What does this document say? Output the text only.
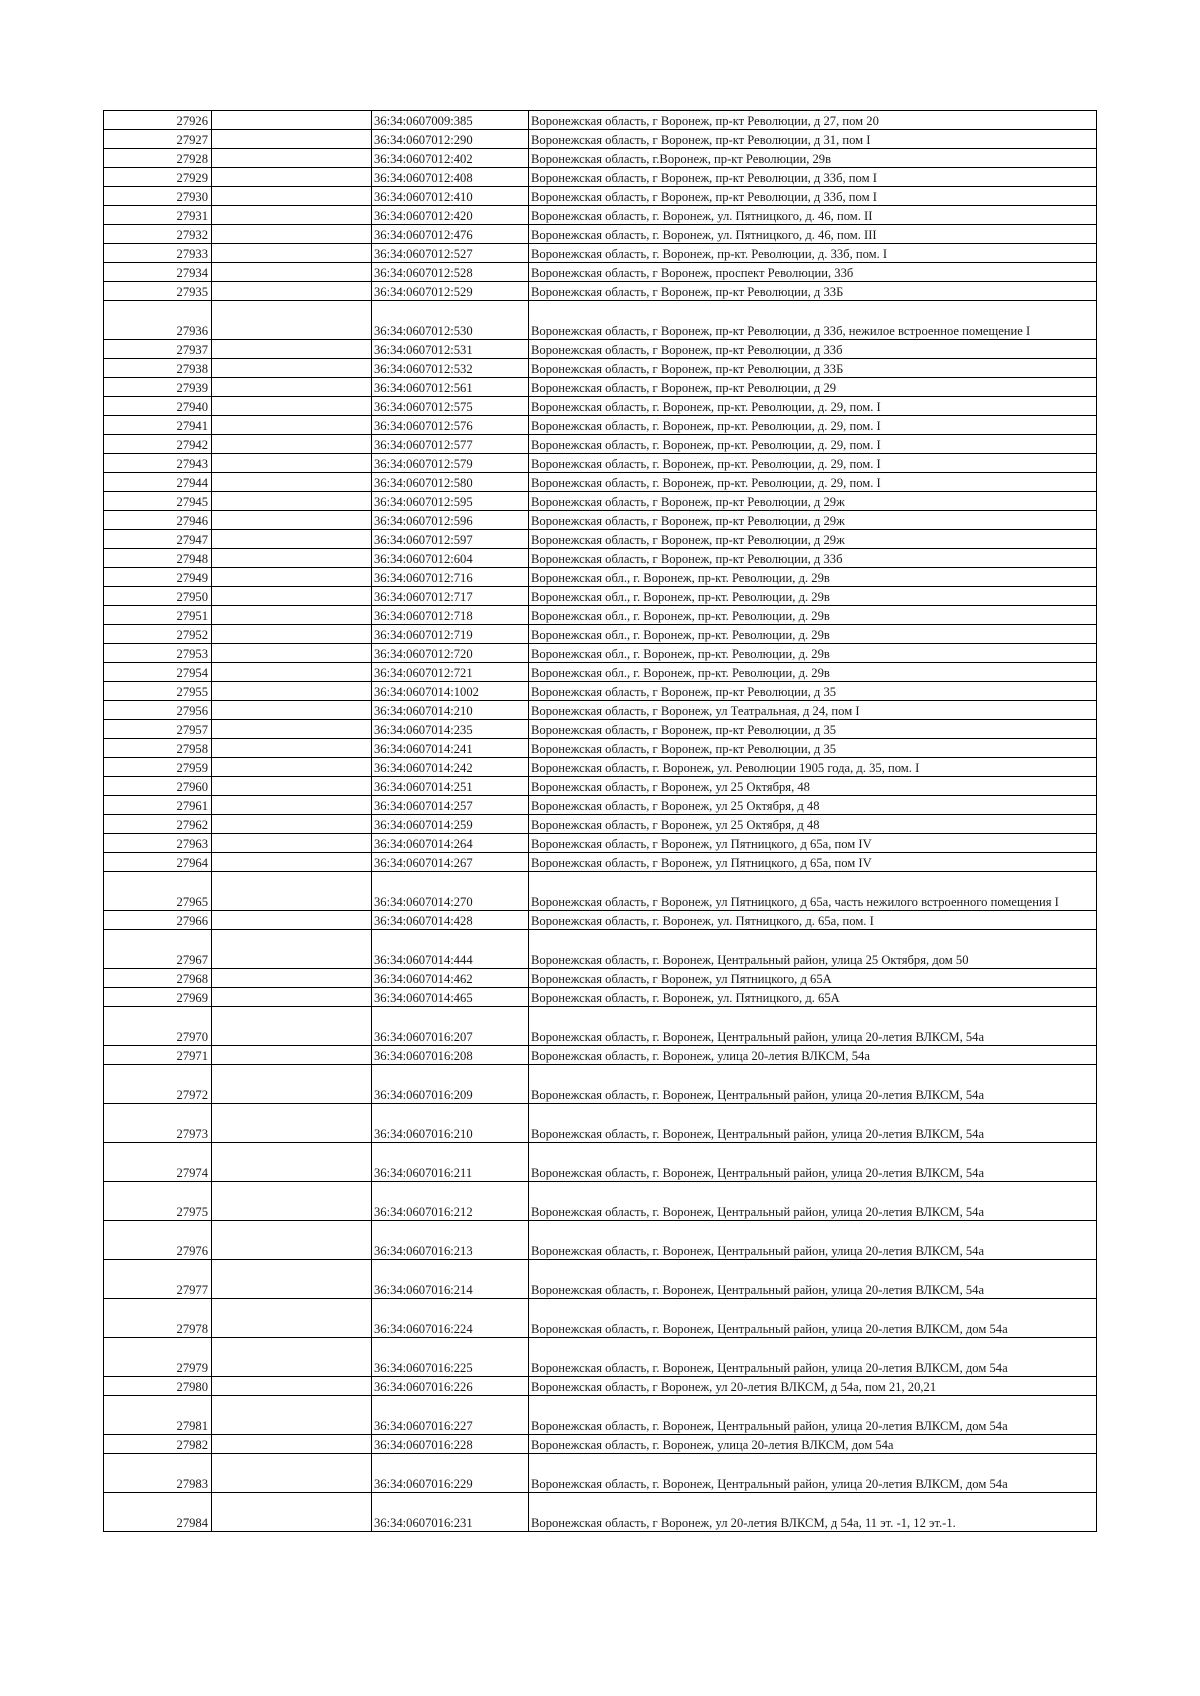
27926		36:34:0607009:385	Воронежская область, г Воронеж, пр-кт Революции, д 27, пом 20
27927		36:34:0607012:290	Воронежская область, г Воронеж, пр-кт Революции, д 31, пом I
27928		36:34:0607012:402	Воронежская область, г.Воронеж, пр-кт Революции, 29в
27929		36:34:0607012:408	Воронежская область, г Воронеж, пр-кт Революции, д 33б, пом I
27930		36:34:0607012:410	Воронежская область, г Воронеж, пр-кт Революции, д 33б, пом I
27931		36:34:0607012:420	Воронежская область, г. Воронеж, ул. Пятницкого, д. 46, пом. II
27932		36:34:0607012:476	Воронежская область, г. Воронеж, ул. Пятницкого, д. 46, пом. III
27933		36:34:0607012:527	Воронежская область, г. Воронеж, пр-кт. Революции, д. 33б, пом. I
27934		36:34:0607012:528	Воронежская область, г Воронеж, проспект Революции, 33б
27935		36:34:0607012:529	Воронежская область, г Воронеж, пр-кт Революции, д 33Б
27936		36:34:0607012:530	Воронежская область, г Воронеж, пр-кт Революции, д 33б, нежилое встроенное помещение I
27937		36:34:0607012:531	Воронежская область, г Воронеж, пр-кт Революции, д 33б
27938		36:34:0607012:532	Воронежская область, г Воронеж, пр-кт Революции, д 33Б
27939		36:34:0607012:561	Воронежская область, г Воронеж, пр-кт Революции, д 29
27940		36:34:0607012:575	Воронежская область, г. Воронеж, пр-кт. Революции, д. 29, пом. I
27941		36:34:0607012:576	Воронежская область, г. Воронеж, пр-кт. Революции, д. 29, пом. I
27942		36:34:0607012:577	Воронежская область, г. Воронеж, пр-кт. Революции, д. 29, пом. I
27943		36:34:0607012:579	Воронежская область, г. Воронеж, пр-кт. Революции, д. 29, пом. I
27944		36:34:0607012:580	Воронежская область, г. Воронеж, пр-кт. Революции, д. 29, пом. I
27945		36:34:0607012:595	Воронежская область, г Воронеж, пр-кт Революции, д 29ж
27946		36:34:0607012:596	Воронежская область, г Воронеж, пр-кт Революции, д 29ж
27947		36:34:0607012:597	Воронежская область, г Воронеж, пр-кт Революции, д 29ж
27948		36:34:0607012:604	Воронежская область, г Воронеж, пр-кт Революции, д 33б
27949		36:34:0607012:716	Воронежская обл., г. Воронеж, пр-кт. Революции, д. 29в
27950		36:34:0607012:717	Воронежская обл., г. Воронеж, пр-кт. Революции, д. 29в
27951		36:34:0607012:718	Воронежская обл., г. Воронеж, пр-кт. Революции, д. 29в
27952		36:34:0607012:719	Воронежская обл., г. Воронеж, пр-кт. Революции, д. 29в
27953		36:34:0607012:720	Воронежская обл., г. Воронеж, пр-кт. Революции, д. 29в
27954		36:34:0607012:721	Воронежская обл., г. Воронеж, пр-кт. Революции, д. 29в
27955		36:34:0607014:1002	Воронежская область, г Воронеж, пр-кт Революции, д 35
27956		36:34:0607014:210	Воронежская область, г Воронеж, ул Театральная, д 24, пом I
27957		36:34:0607014:235	Воронежская область, г Воронеж, пр-кт Революции, д 35
27958		36:34:0607014:241	Воронежская область, г Воронеж, пр-кт Революции, д 35
27959		36:34:0607014:242	Воронежская область, г. Воронеж, ул. Революции 1905 года, д. 35, пом. I
27960		36:34:0607014:251	Воронежская область, г Воронеж, ул 25 Октября, 48
27961		36:34:0607014:257	Воронежская область, г Воронеж, ул 25 Октября, д 48
27962		36:34:0607014:259	Воронежская область, г Воронеж, ул 25 Октября, д 48
27963		36:34:0607014:264	Воронежская область, г Воронеж, ул Пятницкого, д 65а, пом IV
27964		36:34:0607014:267	Воронежская область, г Воронеж, ул Пятницкого, д 65а, пом IV
27965		36:34:0607014:270	Воронежская область, г Воронеж, ул Пятницкого, д 65а, часть нежилого встроенного помещения I
27966		36:34:0607014:428	Воронежская область, г. Воронеж, ул. Пятницкого, д. 65а, пом. I
27967		36:34:0607014:444	Воронежская область, г. Воронеж, Центральный район, улица 25 Октября, дом 50
27968		36:34:0607014:462	Воронежская область, г Воронеж, ул Пятницкого, д 65А
27969		36:34:0607014:465	Воронежская область, г. Воронеж, ул. Пятницкого, д. 65А
27970		36:34:0607016:207	Воронежская область, г. Воронеж, Центральный район, улица 20-летия ВЛКСМ, 54а
27971		36:34:0607016:208	Воронежская область, г. Воронеж, улица 20-летия ВЛКСМ, 54а
27972		36:34:0607016:209	Воронежская область, г. Воронеж, Центральный район, улица 20-летия ВЛКСМ, 54а
27973		36:34:0607016:210	Воронежская область, г. Воронеж, Центральный район, улица 20-летия ВЛКСМ, 54а
27974		36:34:0607016:211	Воронежская область, г. Воронеж, Центральный район, улица 20-летия ВЛКСМ, 54а
27975		36:34:0607016:212	Воронежская область, г. Воронеж, Центральный район, улица 20-летия ВЛКСМ, 54а
27976		36:34:0607016:213	Воронежская область, г. Воронеж, Центральный район, улица 20-летия ВЛКСМ, 54а
27977		36:34:0607016:214	Воронежская область, г. Воронеж, Центральный район, улица 20-летия ВЛКСМ, 54а
27978		36:34:0607016:224	Воронежская область, г. Воронеж, Центральный район, улица 20-летия ВЛКСМ, дом 54а
27979		36:34:0607016:225	Воронежская область, г. Воронеж, Центральный район, улица 20-летия ВЛКСМ, дом 54а
27980		36:34:0607016:226	Воронежская область, г Воронеж, ул 20-летия ВЛКСМ, д 54а, пом 21, 20,21
27981		36:34:0607016:227	Воронежская область, г. Воронеж, Центральный район, улица 20-летия ВЛКСМ, дом 54а
27982		36:34:0607016:228	Воронежская область, г. Воронеж, улица 20-летия ВЛКСМ, дом 54а
27983		36:34:0607016:229	Воронежская область, г. Воронеж, Центральный район, улица 20-летия ВЛКСМ, дом 54а
27984		36:34:0607016:231	Воронежская область, г Воронеж, ул 20-летия ВЛКСМ, д 54а, 11 эт. -1, 12 эт.-1.
